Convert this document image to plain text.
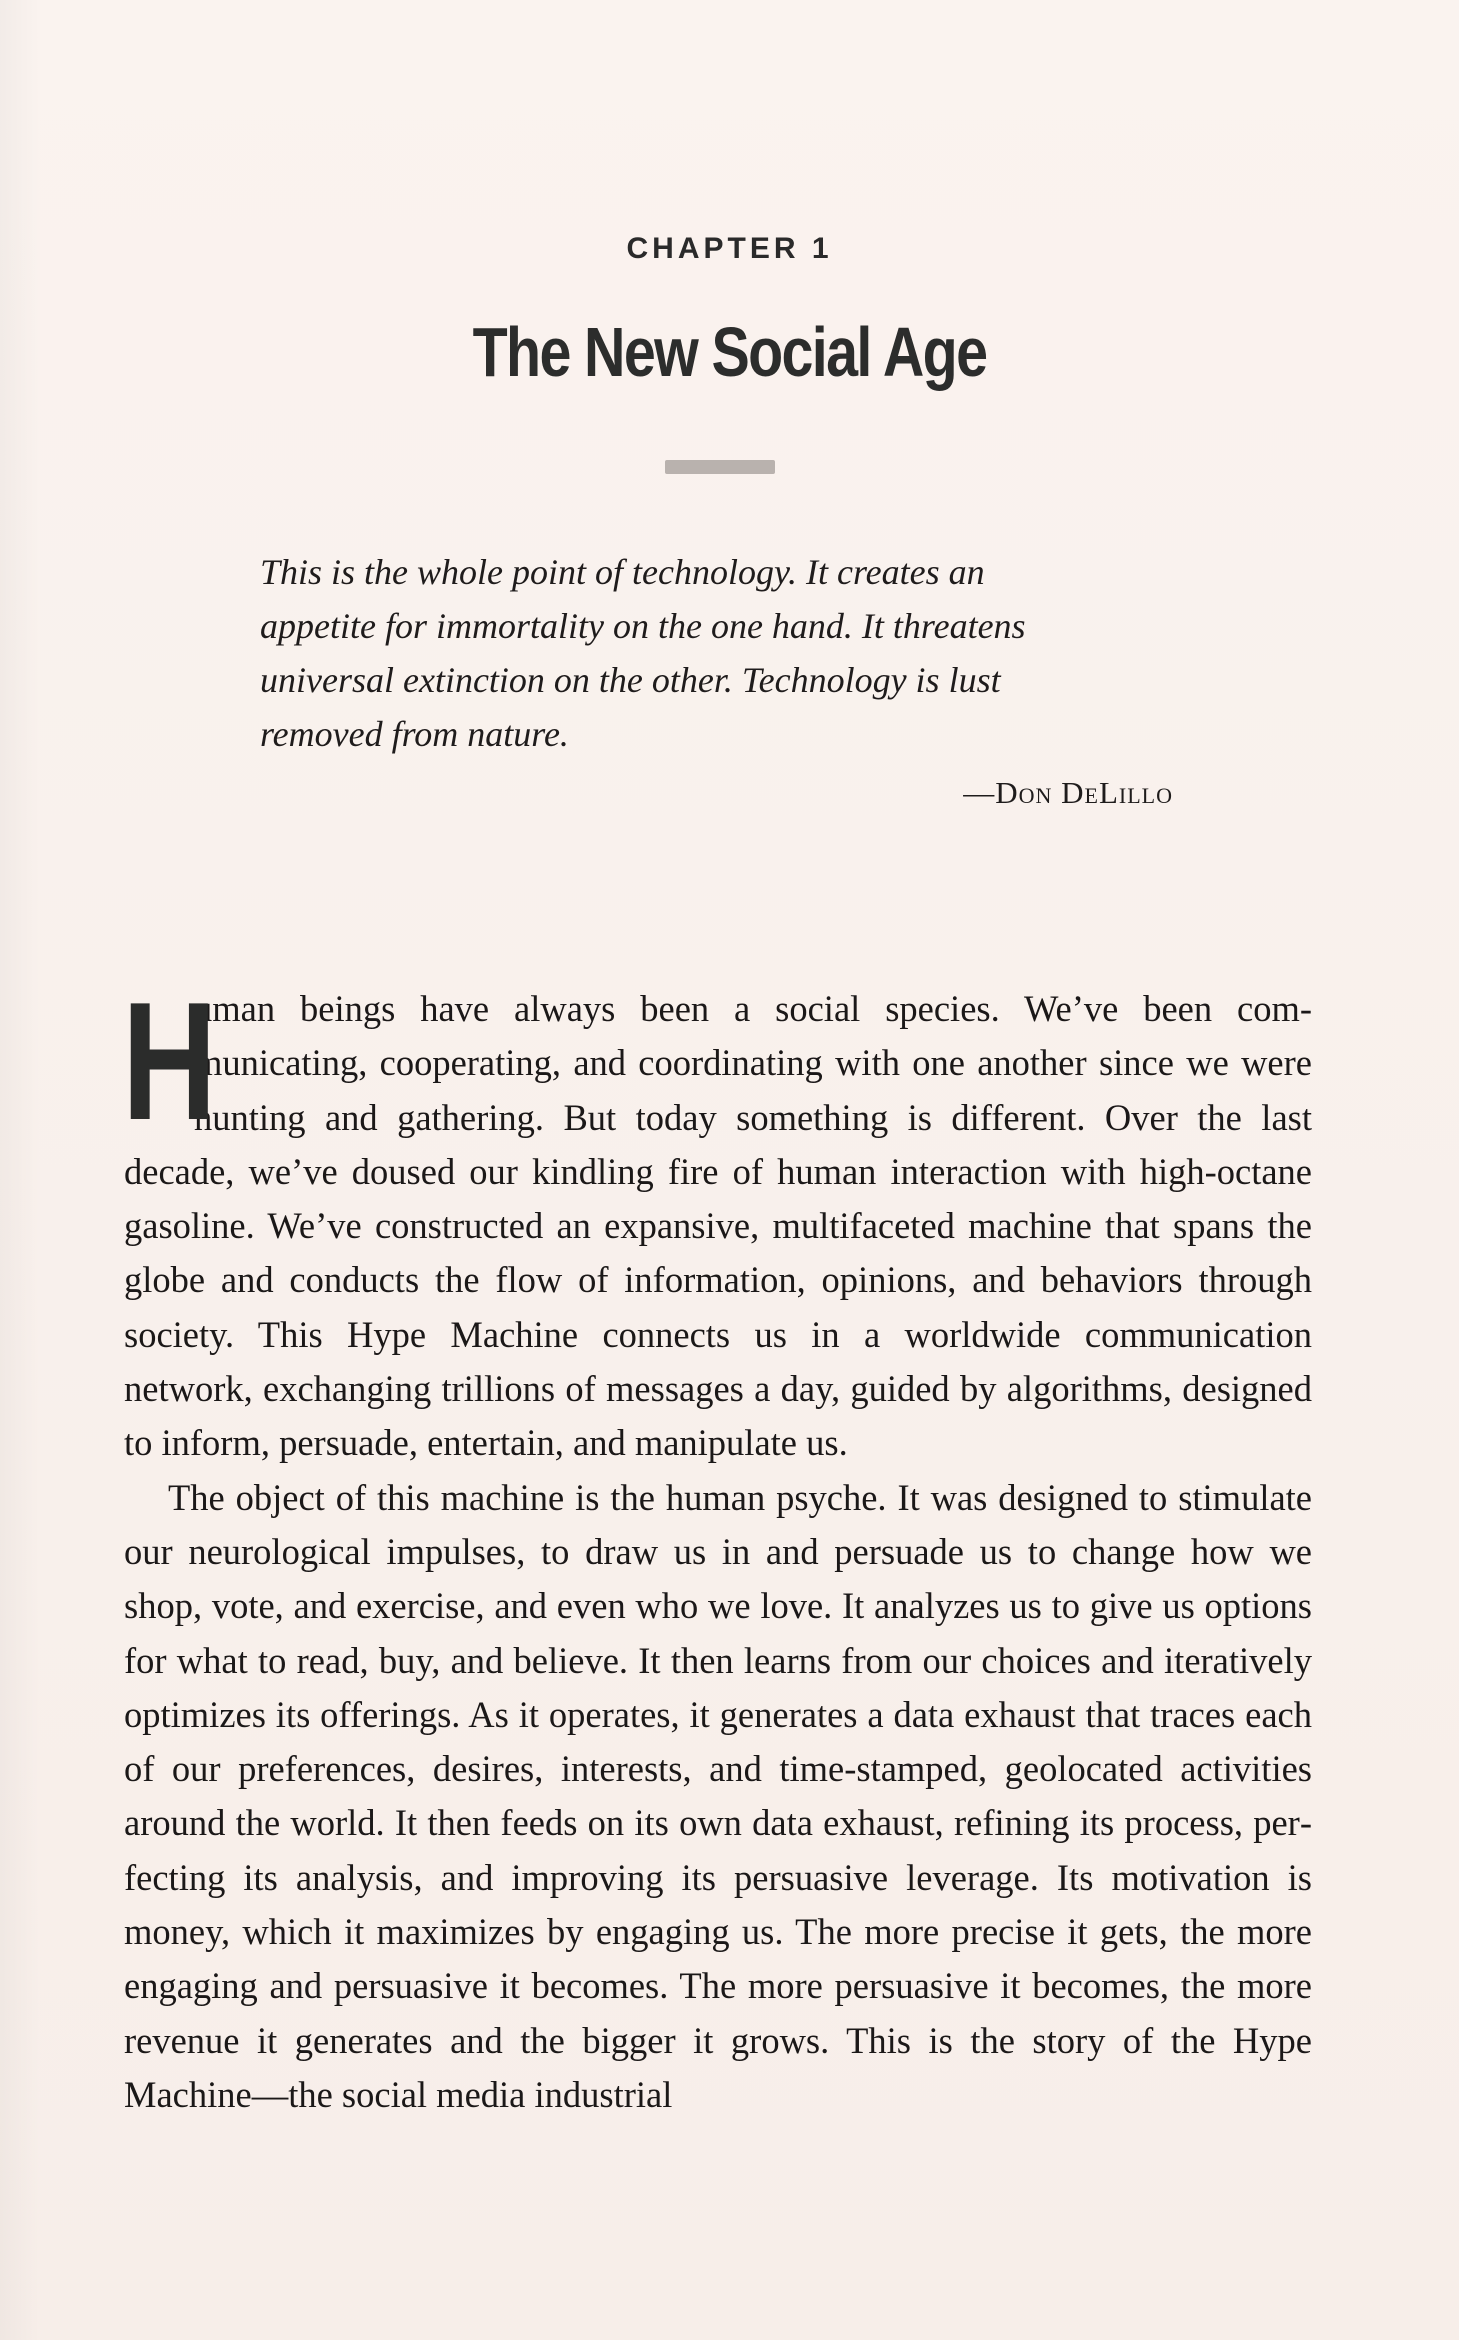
CHAPTER 1
The New Social Age

This is the whole point of technology. It creates an

appetite for immortality on the one hand. It threatens

universal extinction on the other. Technology is lust

removed from nature.

—Don DeLillo

H
uman beings have always been a social species. We’ve been communicating, cooperating, and coordinating with one another since we were hunting and gathering. But today something is different. Over the last decade, we’ve doused our kindling fire of human interaction with high-octane gasoline. We’ve constructed an expansive, multifaceted machine that spans the globe and conducts the flow of information, opinions, and behaviors through society. This Hype Machine connects us in a worldwide communication network, exchanging trillions of messages a day, guided by algorithms, designed to inform, persuade, entertain, and manipulate us.

The object of this machine is the human psyche. It was designed to stimulate our neurological impulses, to draw us in and persuade us to change how we shop, vote, and exercise, and even who we love. It analyzes us to give us options for what to read, buy, and believe. It then learns from our choices and iteratively optimizes its offerings. As it operates, it generates a data exhaust that traces each of our preferences, desires, interests, and time-stamped, geolocated activities around the world. It then feeds on its own data exhaust, refining its process, perfecting its analysis, and improving its persuasive leverage. Its motivation is money, which it maximizes by engaging us. The more precise it gets, the more engaging and persuasive it becomes. The more persuasive it becomes, the more revenue it generates and the bigger it grows. This is the story of the Hype Machine—the social media industrial
